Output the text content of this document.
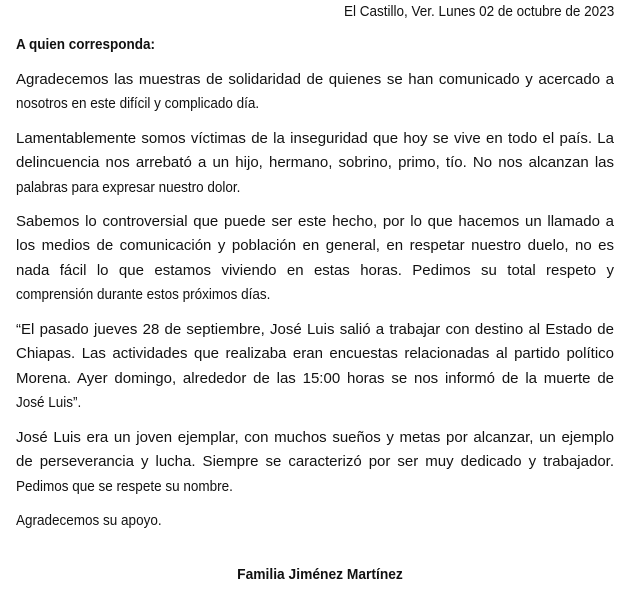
El Castillo, Ver. Lunes 02 de octubre de 2023
A quien corresponda:
Agradecemos las muestras de solidaridad de quienes se han comunicado y acercado a
nosotros en este difícil y complicado día.
Lamentablemente somos víctimas de la inseguridad que hoy se vive en todo el país. La
delincuencia nos arrebató a un hijo, hermano, sobrino, primo, tío. No nos alcanzan las
palabras para expresar nuestro dolor.
Sabemos lo controversial que puede ser este hecho, por lo que hacemos un llamado a
los medios de comunicación y población en general, en respetar nuestro duelo, no es
nada fácil lo que estamos viviendo en estas horas. Pedimos su total respeto y
comprensión durante estos próximos días.
“El pasado jueves 28 de septiembre, José Luis salió a trabajar con destino al Estado de
Chiapas. Las actividades que realizaba eran encuestas relacionadas al partido político
Morena. Ayer domingo, alrededor de las 15:00 horas se nos informó de la muerte de
José Luis”.
José Luis era un joven ejemplar, con muchos sueños y metas por alcanzar, un ejemplo
de perseverancia y lucha. Siempre se caracterizó por ser muy dedicado y trabajador.
Pedimos que se respete su nombre.
Agradecemos su apoyo.
Familia Jiménez Martínez
